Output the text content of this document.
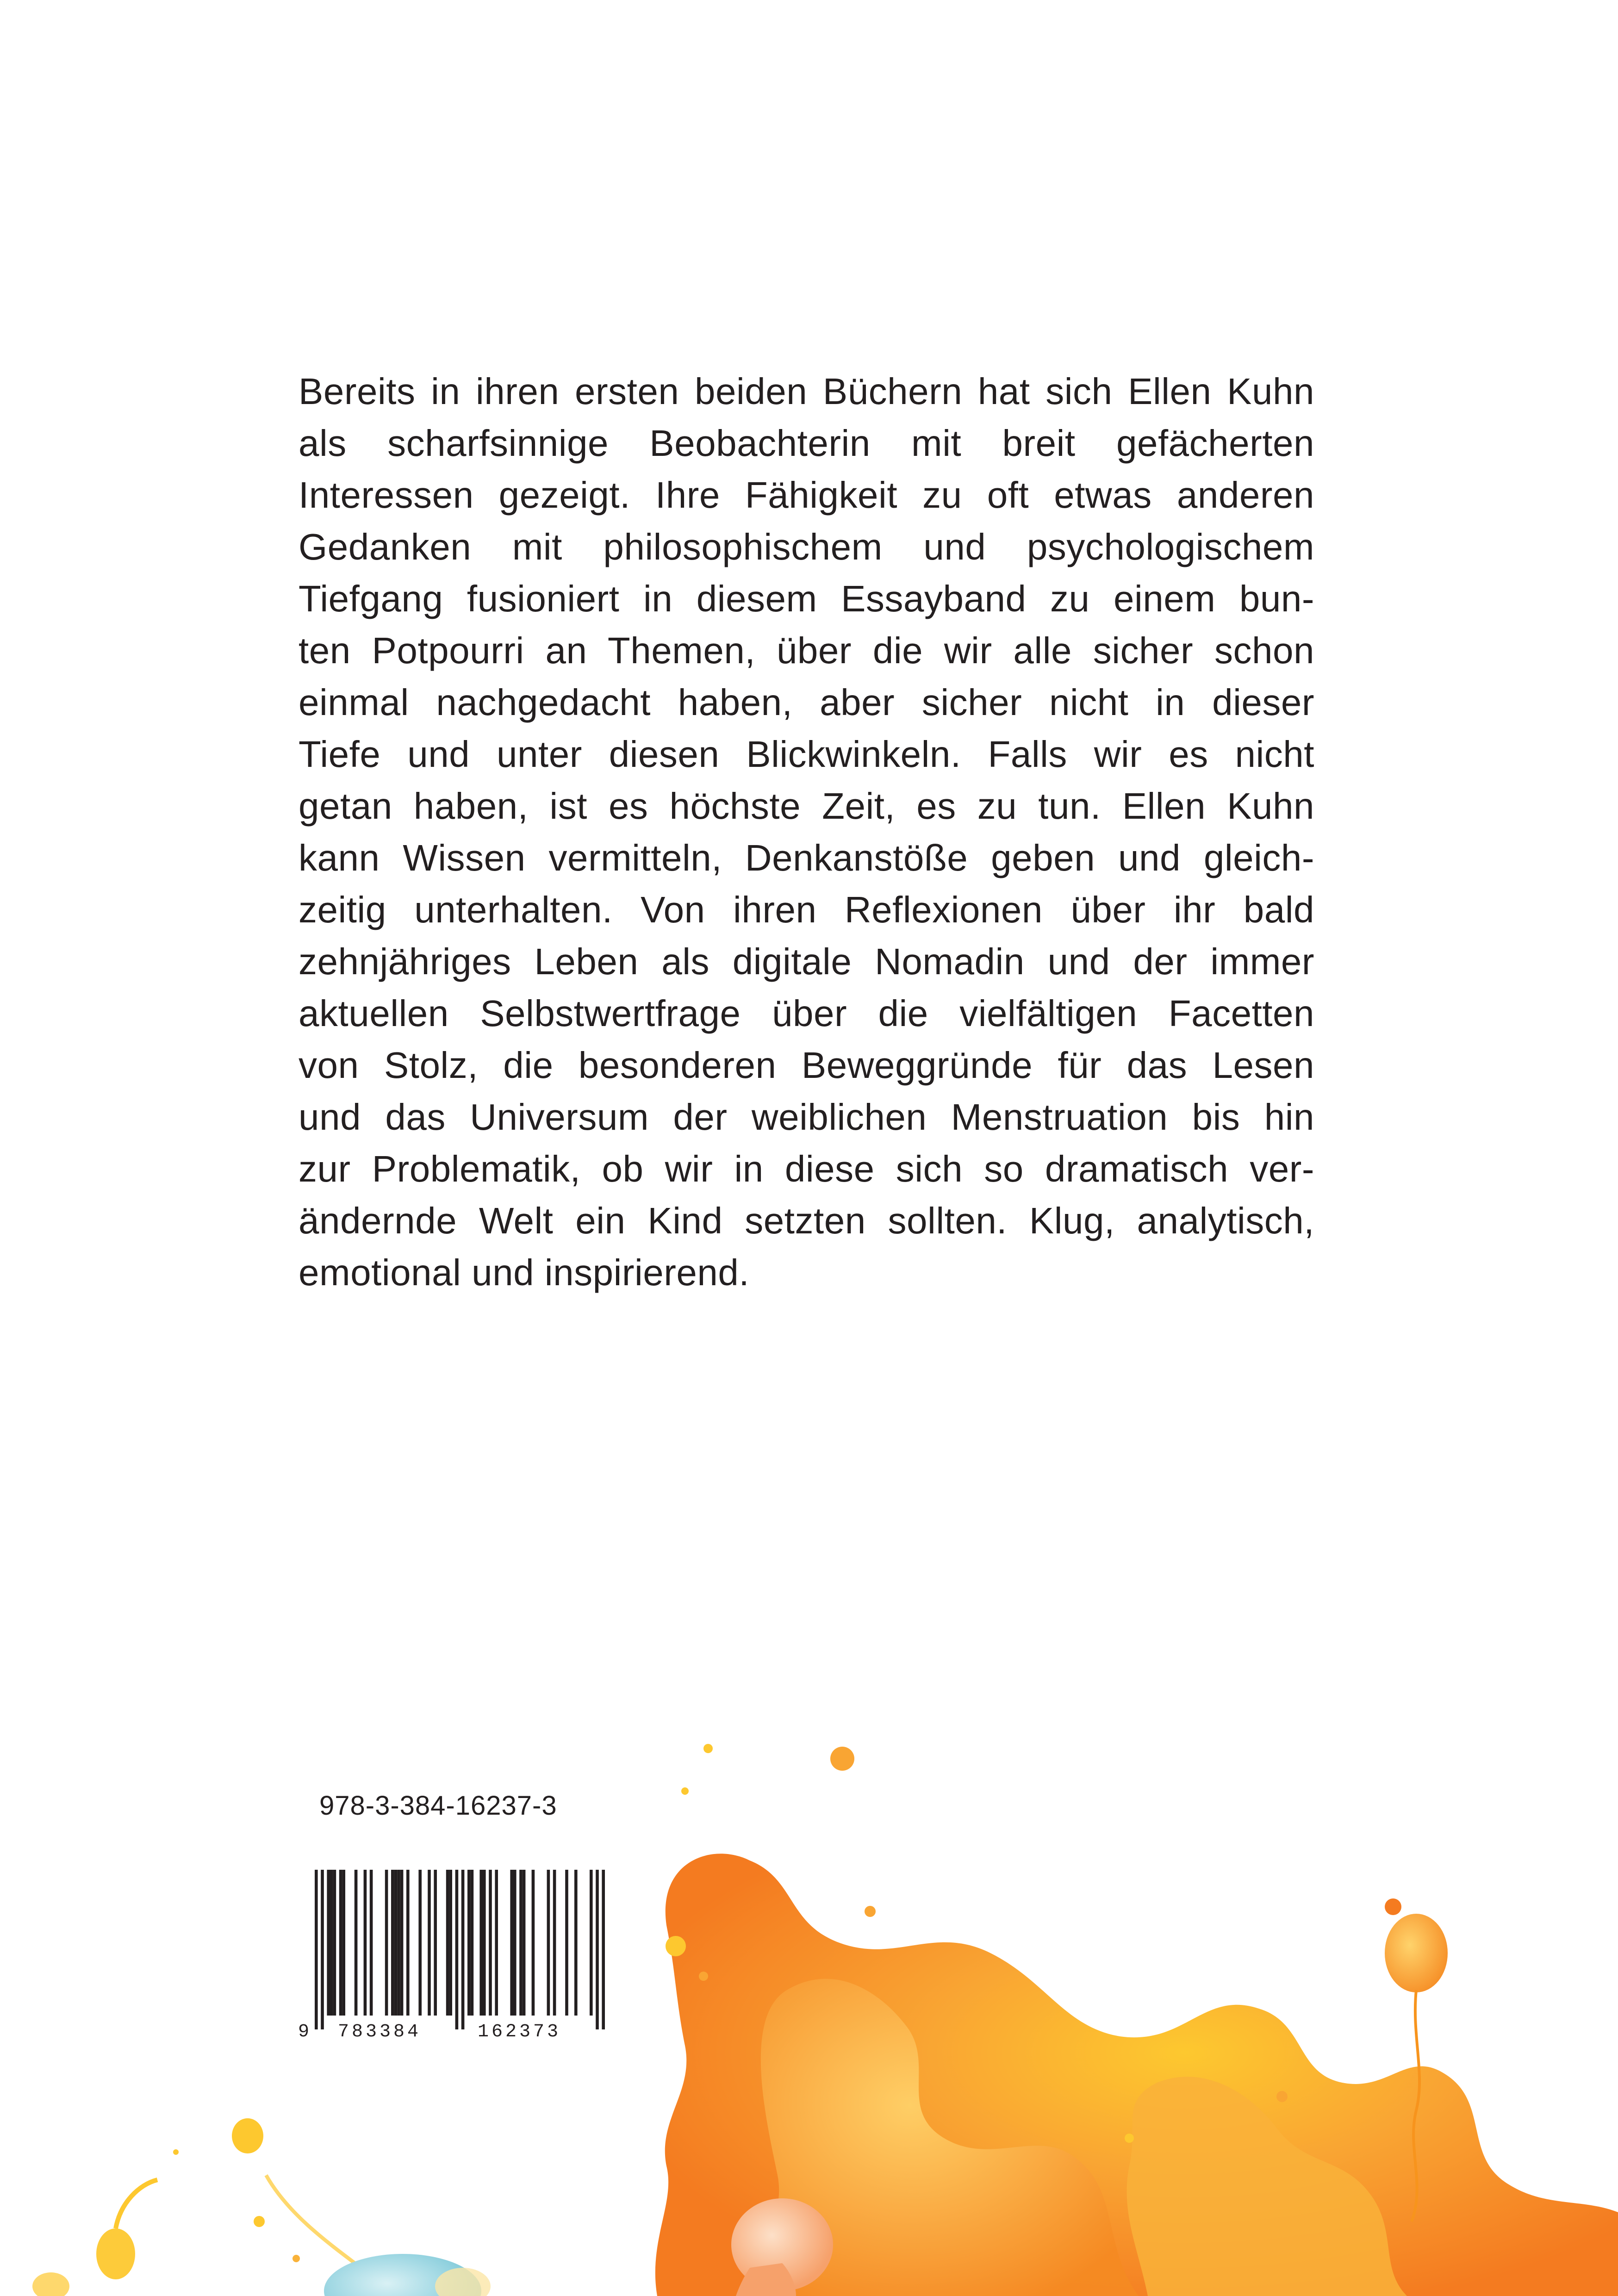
Bereits in ihren ersten beiden Büchern hat sich Ellen Kuhn
als scharfsinnige Beobachterin mit breit gefächerten
Interessen gezeigt. Ihre Fähigkeit zu oft etwas anderen
Gedanken mit philosophischem und psychologischem
Tiefgang fusioniert in diesem Essayband zu einem bun-
ten Potpourri an Themen, über die wir alle sicher schon
einmal nachgedacht haben, aber sicher nicht in dieser
Tiefe und unter diesen Blickwinkeln. Falls wir es nicht
getan haben, ist es höchste Zeit, es zu tun. Ellen Kuhn
kann Wissen vermitteln, Denkanstöße geben und gleich-
zeitig unterhalten. Von ihren Reflexionen über ihr bald
zehnjähriges Leben als digitale Nomadin und der immer
aktuellen Selbstwertfrage über die vielfältigen Facetten
von Stolz, die besonderen Beweggründe für das Lesen
und das Universum der weiblichen Menstruation bis hin
zur Problematik, ob wir in diese sich so dramatisch ver-
ändernde Welt ein Kind setzten sollten. Klug, analytisch,
emotional und inspirierend.

978-3-384-16237-3
9 783384	162373
